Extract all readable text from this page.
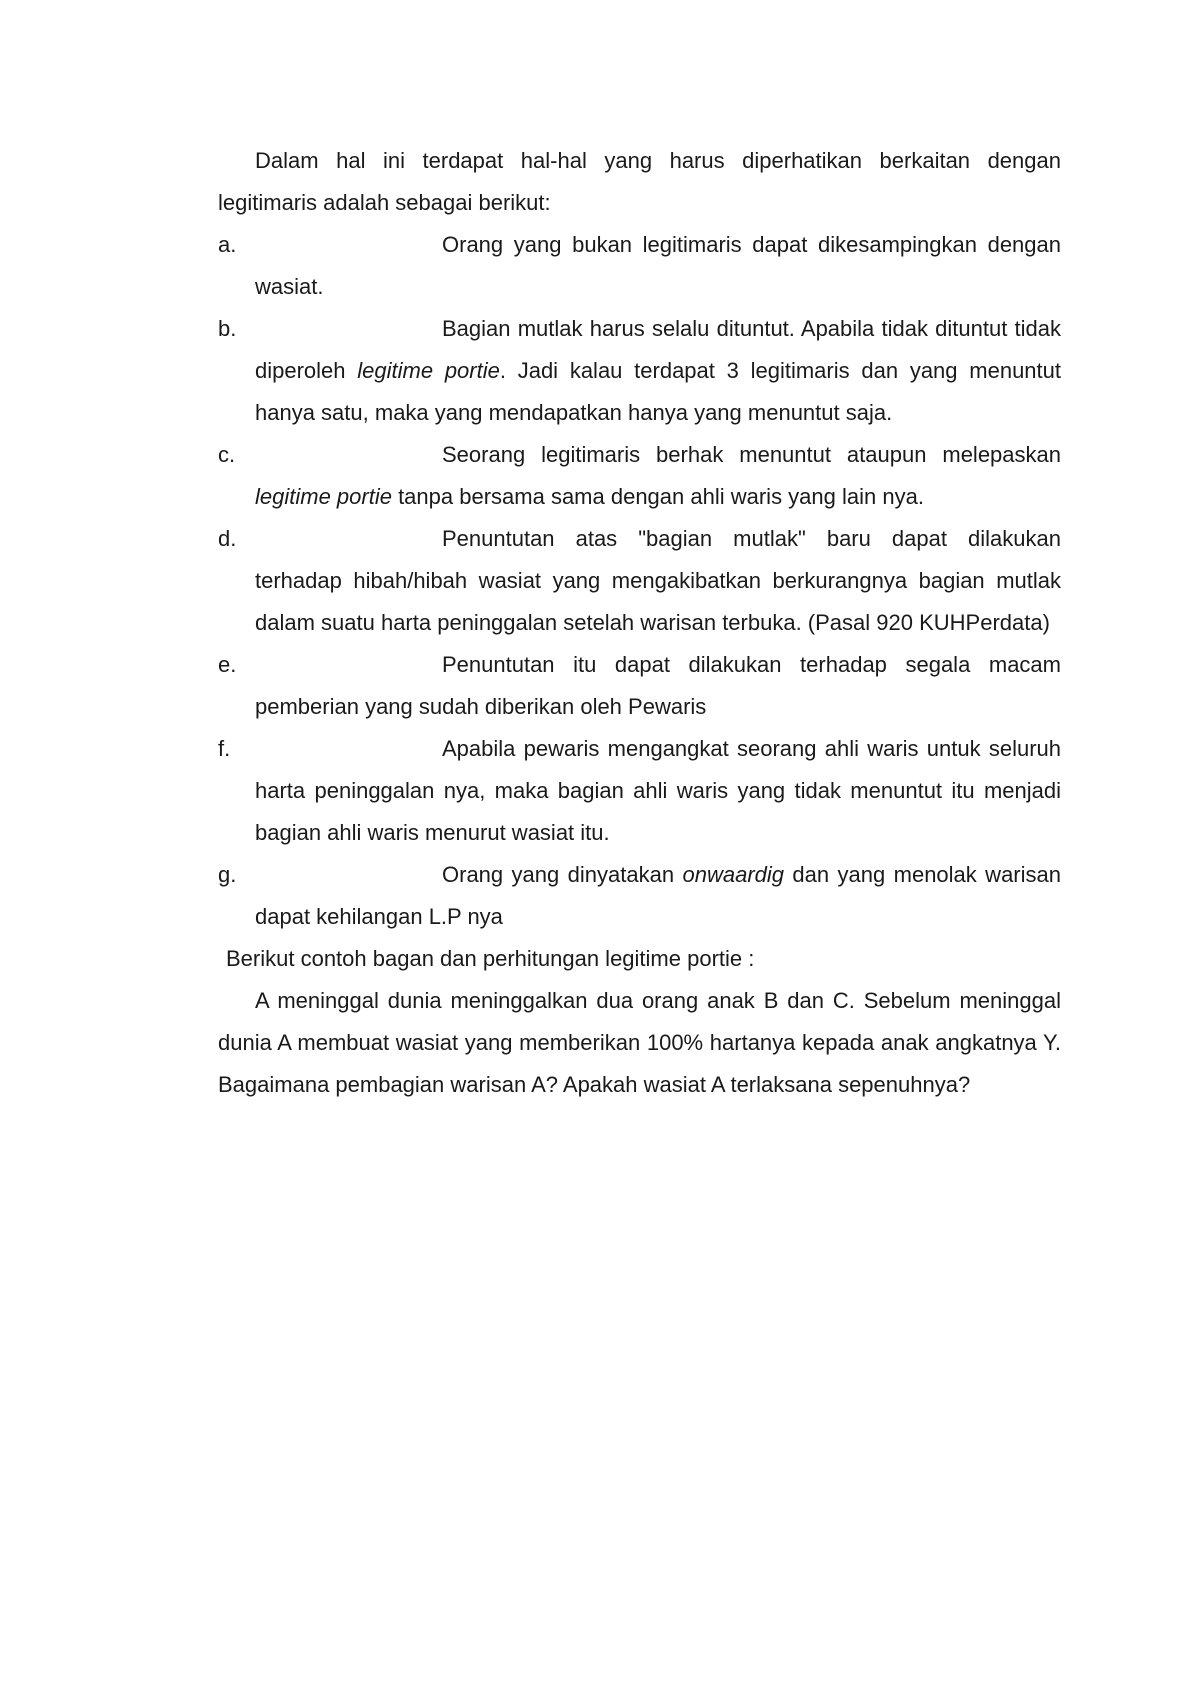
Dalam hal ini terdapat hal-hal yang harus diperhatikan berkaitan dengan legitimaris adalah sebagai berikut:

a.	Orang yang bukan legitimaris dapat dikesampingkan dengan wasiat.
b.	Bagian mutlak harus selalu dituntut. Apabila tidak dituntut tidak diperoleh legitime portie. Jadi kalau terdapat 3 legitimaris dan yang menuntut hanya satu, maka yang mendapatkan hanya yang menuntut saja.
c.	Seorang legitimaris berhak menuntut ataupun melepaskan legitime portie tanpa bersama sama dengan ahli waris yang lain nya.
d.	Penuntutan atas "bagian mutlak" baru dapat dilakukan terhadap hibah/hibah wasiat yang mengakibatkan berkurangnya bagian mutlak dalam suatu harta peninggalan setelah warisan terbuka. (Pasal 920 KUHPerdata)
e.	Penuntutan itu dapat dilakukan terhadap segala macam pemberian yang sudah diberikan oleh Pewaris
f.	Apabila pewaris mengangkat seorang ahli waris untuk seluruh harta peninggalan nya, maka bagian ahli waris yang tidak menuntut itu menjadi bagian ahli waris menurut wasiat itu.
g.	Orang yang dinyatakan onwaardig dan yang menolak warisan dapat kehilangan L.P nya

Berikut contoh bagan dan perhitungan legitime portie :

A meninggal dunia meninggalkan dua orang anak B dan C. Sebelum meninggal dunia A membuat wasiat yang memberikan 100% hartanya kepada anak angkatnya Y. Bagaimana pembagian warisan A? Apakah wasiat A terlaksana sepenuhnya?
